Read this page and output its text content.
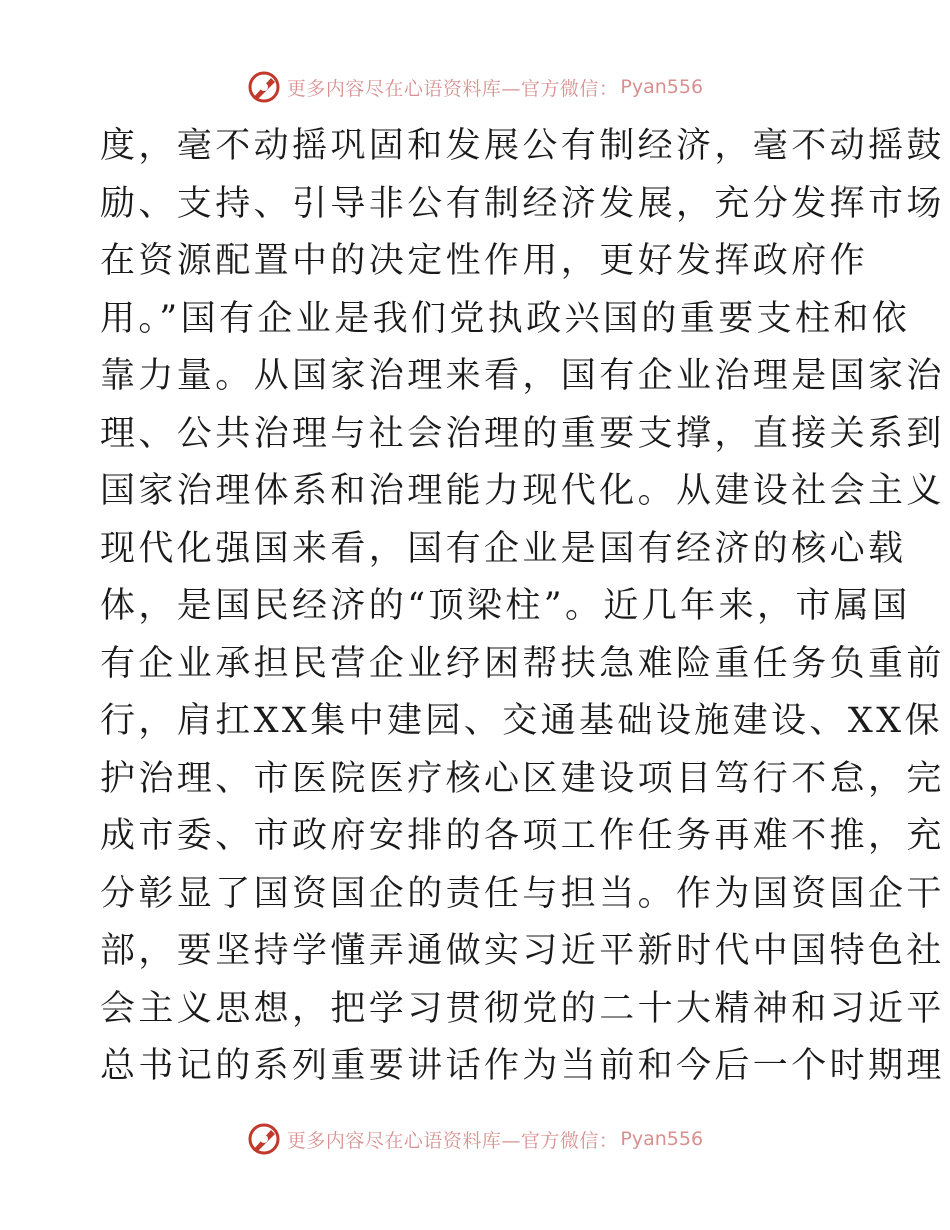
更多内容尽在心语资料库—官方微信： Pyan556
度，毫不动摇巩固和发展公有制经济，毫不动摇鼓
励、支持、引导非公有制经济发展，充分发挥市场
在资源配置中的决定性作用，更好发挥政府作
用。”国有企业是我们党执政兴国的重要支柱和依
靠力量。从国家治理来看，国有企业治理是国家治
理、公共治理与社会治理的重要支撑，直接关系到
国家治理体系和治理能力现代化。从建设社会主义
现代化强国来看，国有企业是国有经济的核心载
体，是国民经济的“顶梁柱”。近几年来，市属国
有企业承担民营企业纾困帮扶急难险重任务负重前
行，肩扛XX集中建园、交通基础设施建设、XX保
护治理、市医院医疗核心区建设项目笃行不怠，完
成市委、市政府安排的各项工作任务再难不推，充
分彰显了国资国企的责任与担当。作为国资国企干
部，要坚持学懂弄通做实习近平新时代中国特色社
会主义思想，把学习贯彻党的二十大精神和习近平
总书记的系列重要讲话作为当前和今后一个时期理
更多内容尽在心语资料库—官方微信： Pyan556
